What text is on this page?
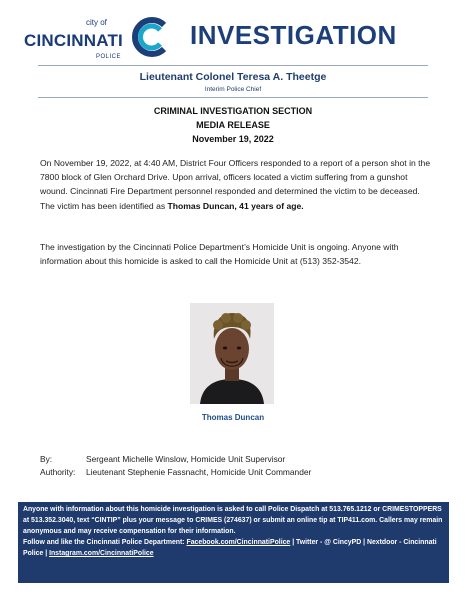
city of
CINCINNATI
POLICE
INVESTIGATION
Lieutenant Colonel Teresa A. Theetge
Interim Police Chief
CRIMINAL INVESTIGATION SECTION
MEDIA RELEASE
November 19, 2022
On November 19, 2022, at 4:40 AM, District Four Officers responded to a report of a person shot in the 7800 block of Glen Orchard Drive. Upon arrival, officers located a victim suffering from a gunshot wound. Cincinnati Fire Department personnel responded and determined the victim to be deceased. The victim has been identified as Thomas Duncan, 41 years of age.
The investigation by the Cincinnati Police Department’s Homicide Unit is ongoing. Anyone with information about this homicide is asked to call the Homicide Unit at (513) 352-3542.
Thomas Duncan
By:	Sergeant Michelle Winslow, Homicide Unit Supervisor
Authority: Lieutenant Stephenie Fassnacht, Homicide Unit Commander
Anyone with information about this homicide investigation is asked to call Police Dispatch at 513.765.1212 or CRIMESTOPPERS at 513.352.3040, text “CINTIP” plus your message to CRIMES (274637) or submit an online tip at TIP411.com. Callers may remain anonymous and may receive compensation for their information.
Follow and like the Cincinnati Police Department: Facebook.com/CincinnatiPolice | Twitter - @ CincyPD | Nextdoor - Cincinnati Police | Instagram.com/CincinnatiPolice
